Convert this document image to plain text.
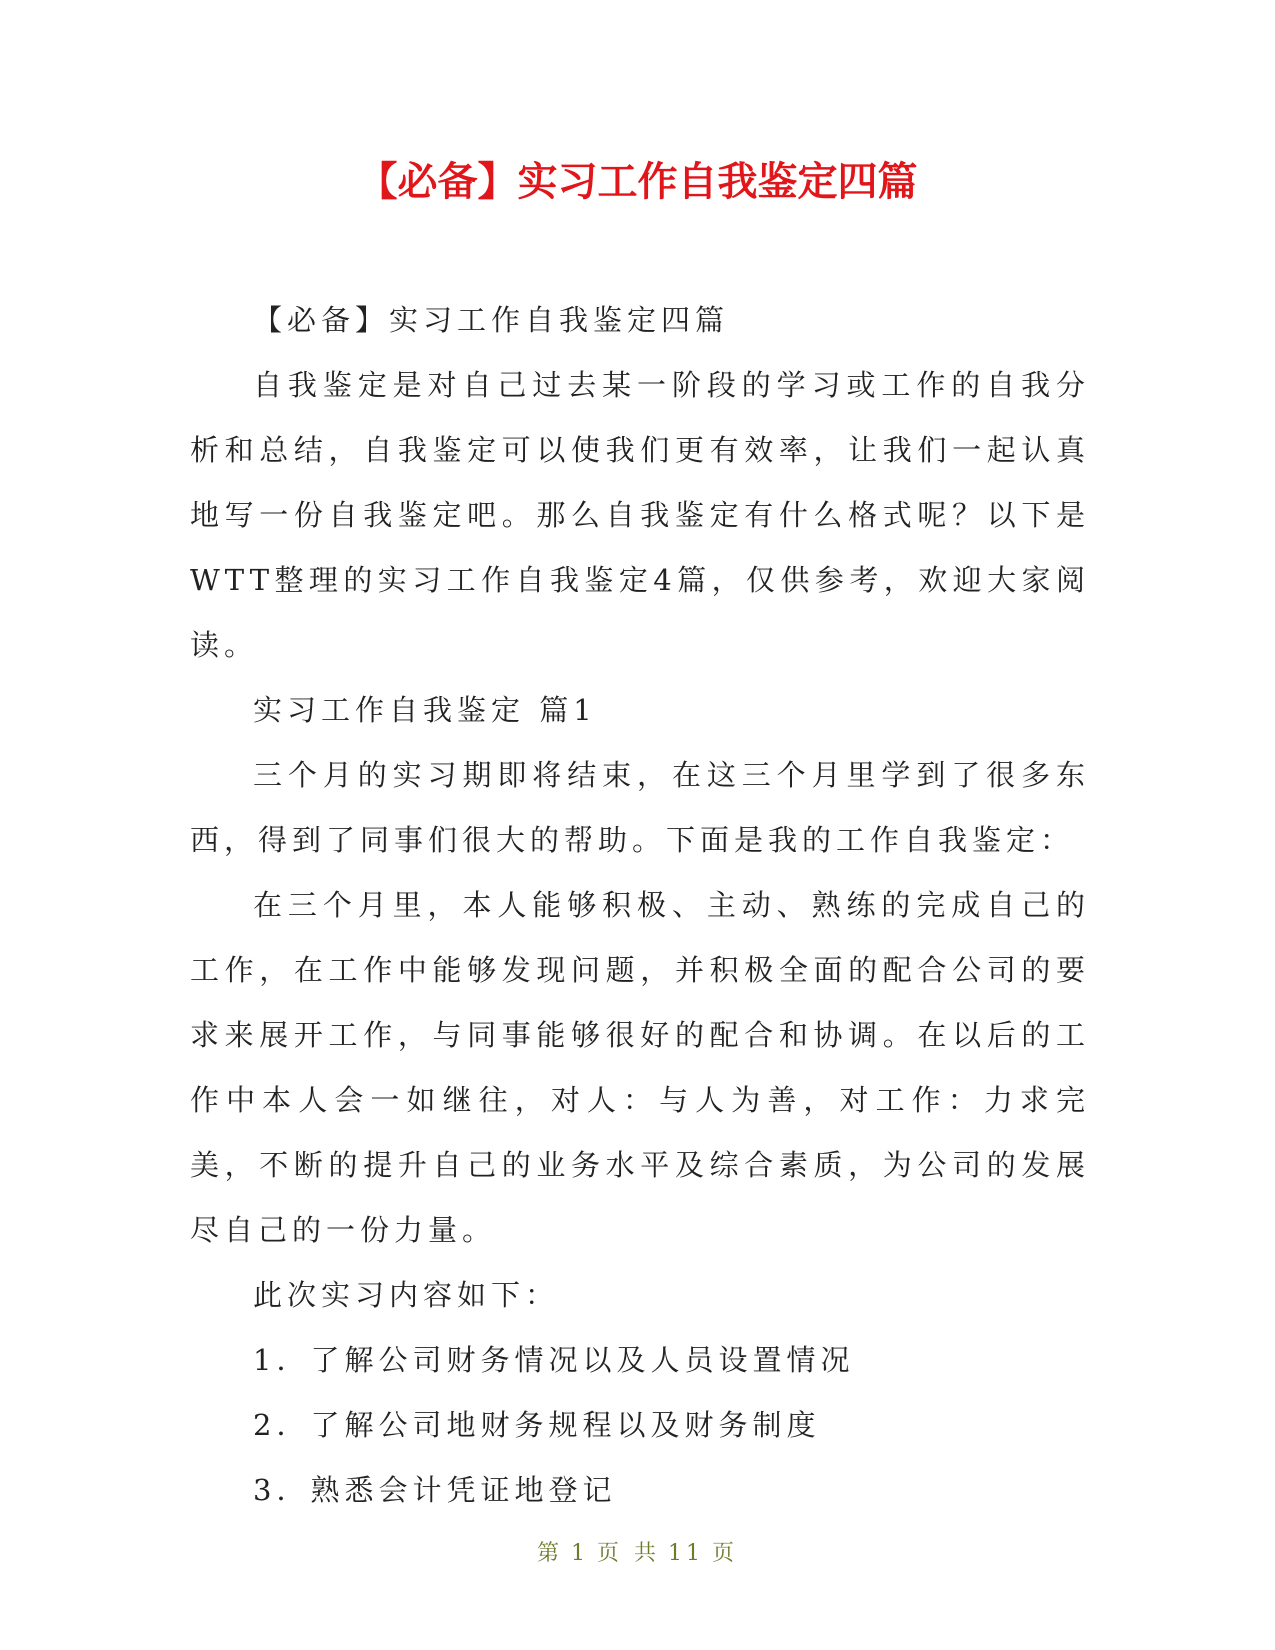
【必备】实习工作自我鉴定四篇

【必备】实习工作自我鉴定四篇

自我鉴定是对自己过去某一阶段的学习或工作的自我分析和总结，自我鉴定可以使我们更有效率，让我们一起认真地写一份自我鉴定吧。那么自我鉴定有什么格式呢？以下是WTT整理的实习工作自我鉴定4篇，仅供参考，欢迎大家阅读。

实习工作自我鉴定 篇1

三个月的实习期即将结束，在这三个月里学到了很多东西，得到了同事们很大的帮助。下面是我的工作自我鉴定：

在三个月里，本人能够积极、主动、熟练的完成自己的工作，在工作中能够发现问题，并积极全面的配合公司的要求来展开工作，与同事能够很好的配合和协调。在以后的工作中本人会一如继往，对人：与人为善，对工作：力求完美，不断的提升自己的业务水平及综合素质，为公司的发展尽自己的一份力量。

此次实习内容如下：

1．了解公司财务情况以及人员设置情况

2．了解公司地财务规程以及财务制度

3．熟悉会计凭证地登记

第 1 页 共 11 页
